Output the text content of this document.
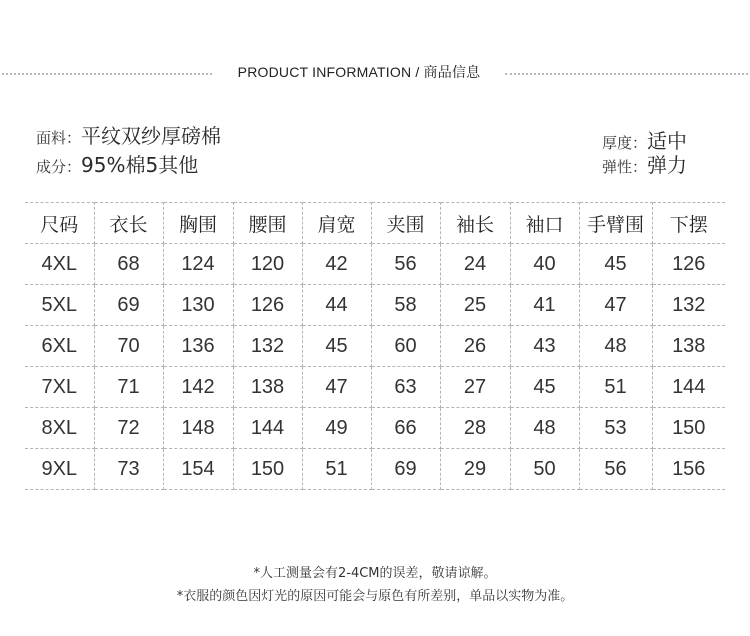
PRODUCT INFORMATION / 商品信息
面料：平纹双纱厚磅棉
成分：95%棉5其他
厚度：适中
弹性：弹力
尺码	衣长	胸围	腰围	肩宽	夹围	袖长	袖口	手臂围	下摆
4XL	68	124	120	42	56	24	40	45	126
5XL	69	130	126	44	58	25	41	47	132
6XL	70	136	132	45	60	26	43	48	138
7XL	71	142	138	47	63	27	45	51	144
8XL	72	148	144	49	66	28	48	53	150
9XL	73	154	150	51	69	29	50	56	156
*人工测量会有2-4CM的误差，敬请谅解。
*衣服的颜色因灯光的原因可能会与原色有所差别，单品以实物为准。
